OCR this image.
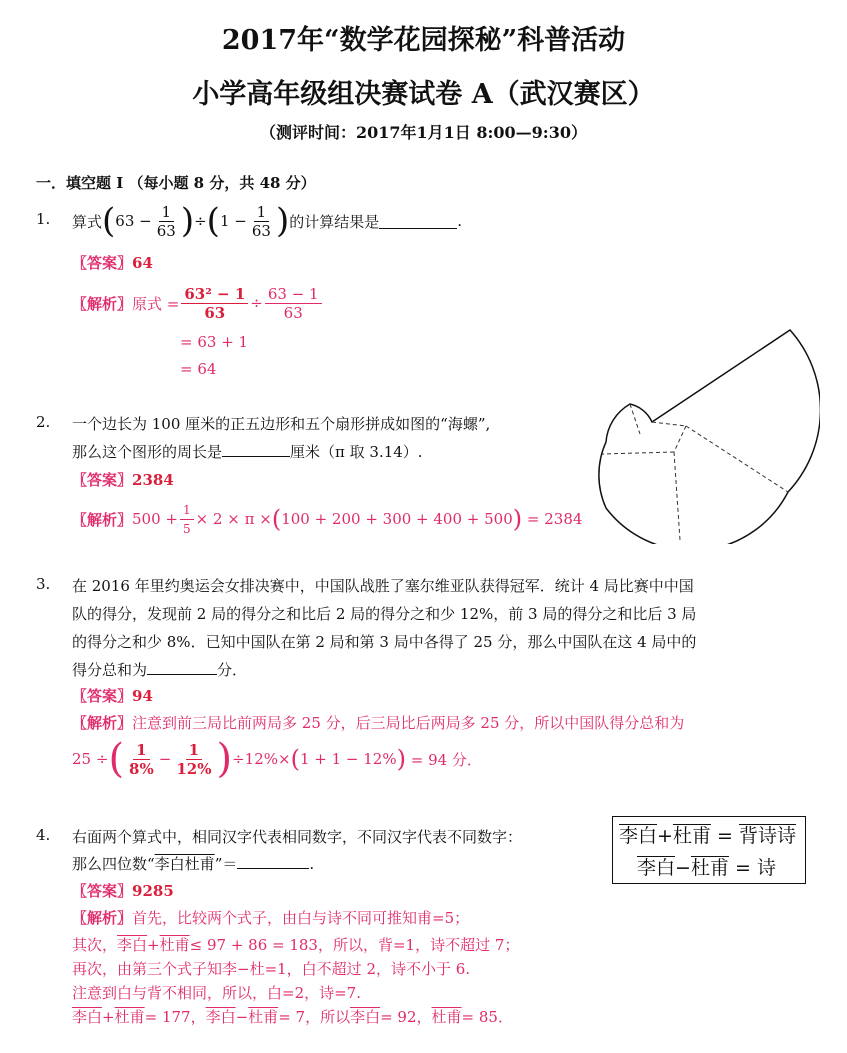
2017年“数学花园探秘”科普活动
小学高年级组决赛试卷 A（武汉赛区）
（测评时间：2017年1月1日 8:00—9:30）
一．填空题 I （每小题 8 分，共 48 分）
1. 算式 ( 63
− $\frac{1}{63}$ ) ÷ ( 1
− $\frac{1}{63}$ ) 的计算结果是	.
〖答案〗64
〖解析〗 原式 = $\frac{\text{63² − 1}}{63} \div \frac{63 - 1}{63}$
= 63 + 1
= 64
2. 一个边长为 100 厘米的正五边形和五个扇形拼成如图的“海螺”,
那么这个图形的周长是	厘米（π 取 3.14）.
〖答案〗2384
〖解析〗 $500 + \frac{1}{5} \times 2 \times \pi$ × ( 100 + 200 + 300 + 400 + 500 )
= 2384
3. 在 2016 年里约奥运会女排决赛中，中国队战胜了塞尔维亚队获得冠军．统计 4 局比赛中中国
队的得分，发现前 2 局的得分之和比后 2 局的得分之和少 12%，前 3 局的得分之和比后 3 局
的得分之和少 8%．已知中国队在第 2 局和第 3 局中各得了 25 分，那么中国队在这 4 局中的
得分总和为	分．
〖答案〗94
〖解析〗注意到前三局比前两局多 25 分，后三局比后两局多 25 分，所以中国队得分总和为
25 ÷ ( $\frac{1}{8\%} - \frac{1}{12\%}$ ) ÷12%× ( 1 + 1 − 12% )
= 94 分．
4. 右面两个算式中，相同汉字代表相同数字，不同汉字代表不同数字：
那么四位数“李白杜甫”＝	.
李白+杜甫 = 背诗诗
李白−杜甫 = 诗
〖答案〗9285
〖解析〗首先，比较两个式子，由白与诗不同可推知甫=5；
其次，李白+杜甫≤ 97 + 86 = 183，所以，背=1，诗不超过 7；
再次，由第三个式子知李−杜=1，白不超过 2，诗不小于 6.
注意到白与背不相同，所以，白=2，诗=7.
李白+杜甫= 177，李白−杜甫= 7，所以李白= 92，杜甫= 85．
